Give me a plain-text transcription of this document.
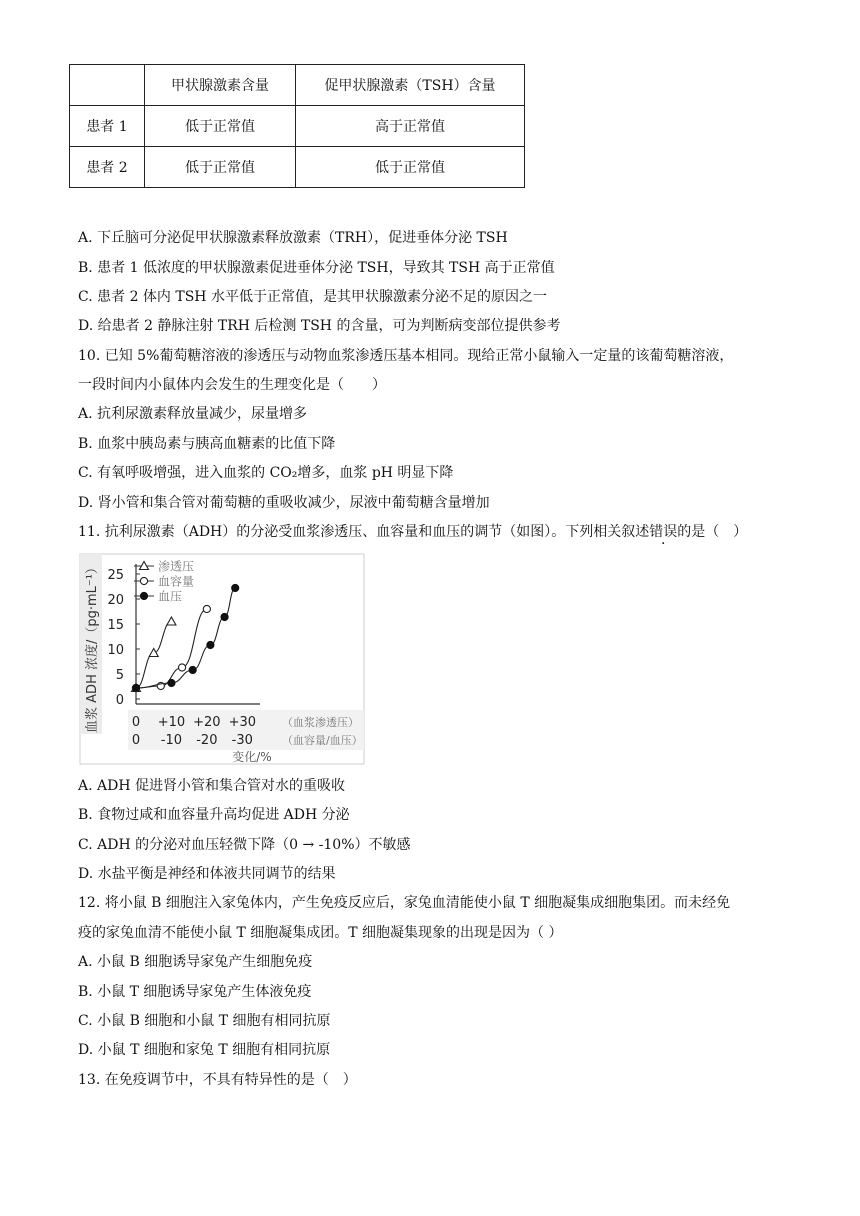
	甲状腺激素含量	促甲状腺激素（TSH）含量
患者 1	低于正常值	高于正常值
患者 2	低于正常值	低于正常值
A. 下丘脑可分泌促甲状腺激素释放激素（TRH），促进垂体分泌 TSH
B. 患者 1 低浓度的甲状腺激素促进垂体分泌 TSH，导致其 TSH 高于正常值
C. 患者 2 体内 TSH 水平低于正常值，是其甲状腺激素分泌不足的原因之一
D. 给患者 2 静脉注射 TRH 后检测 TSH 的含量，可为判断病变部位提供参考
10. 已知 5%葡萄糖溶液的渗透压与动物血浆渗透压基本相同。现给正常小鼠输入一定量的该葡萄糖溶液，
一段时间内小鼠体内会发生的生理变化是（　　）
A. 抗利尿激素释放量减少，尿量增多
B. 血浆中胰岛素与胰高血糖素的比值下降
C. 有氧呼吸增强，进入血浆的 CO₂增多，血浆 pH 明显下降
D. 肾小管和集合管对葡萄糖的重吸收减少，尿液中葡萄糖含量增加
11. 抗利尿激素（ADH）的分泌受血浆渗透压、血容量和血压的调节（如图）。下列相关叙述错误的是（　）
0
5
10
15
20
25
0 +10 +20 +30 （血浆渗透压）
0 -10 -20 -30	（血容量/血压）
变化/%
血浆 ADH 浓度/（pg·mL⁻¹）	渗透压
血容量
血压
A. ADH 促进肾小管和集合管对水的重吸收
B. 食物过咸和血容量升高均促进 ADH 分泌
C. ADH 的分泌对血压轻微下降（0 → -10%）不敏感
D. 水盐平衡是神经和体液共同调节的结果
12. 将小鼠 B 细胞注入家兔体内，产生免疫反应后，家兔血清能使小鼠 T 细胞凝集成细胞集团。而未经免
疫的家兔血清不能使小鼠 T 细胞凝集成团。T 细胞凝集现象的出现是因为（ ）
A. 小鼠 B 细胞诱导家兔产生细胞免疫
B. 小鼠 T 细胞诱导家兔产生体液免疫
C. 小鼠 B 细胞和小鼠 T 细胞有相同抗原
D. 小鼠 T 细胞和家兔 T 细胞有相同抗原
13. 在免疫调节中，不具有特异性的是（　）
